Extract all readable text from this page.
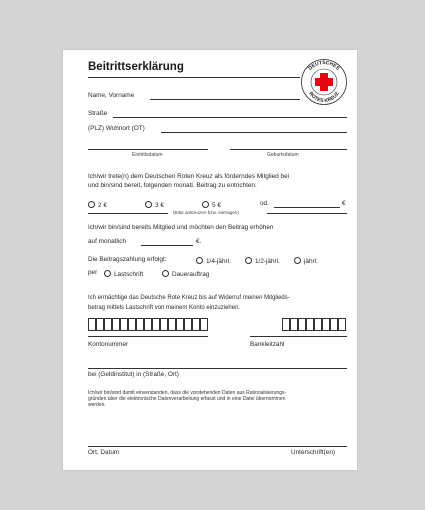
Beitrittserklärung	DEUTSCHES
ROTES KREUZ
Name, Vorname
Straße
(PLZ) Wohnort (OT)
Eintrittsdatum	Geburtsdatum
Ich/wir trete(n) dem Deutschen Roten Kreuz als förderndes Mitglied bei
und bin/sind bereit, folgenden monatl. Beitrag zu entrichten:
2 €	3 €	5 €	od.	€
(Bitte ankreuzen bzw. eintragen)
Ich/wir bin/sind bereits Mitglied und möchten den Beitrag erhöhen
auf monatlich	€.
Die Beitragszahlung erfolgt:	1/4-jährl.	1/2-jährl.	jährl.
per	Lastschrift	Dauerauftrag
Ich ermächtige das Deutsche Rote Kreuz bis auf Widerruf meinen Mitglieds-
betrag mittels Lastschrift von meinem Konto einzuziehen.
Kontonummer	Bankleitzahl
bei (Geldinstitut) in (Straße, Ort)
Ich/wir bin/sind damit einverstanden, dass die vorstehenden Daten aus Rationalisierungs-
gründen über die elektronische Datenverarbeitung erfasst und in eine Datei übernommen
werden.
Ort, Datum	Unterschrift(en)
